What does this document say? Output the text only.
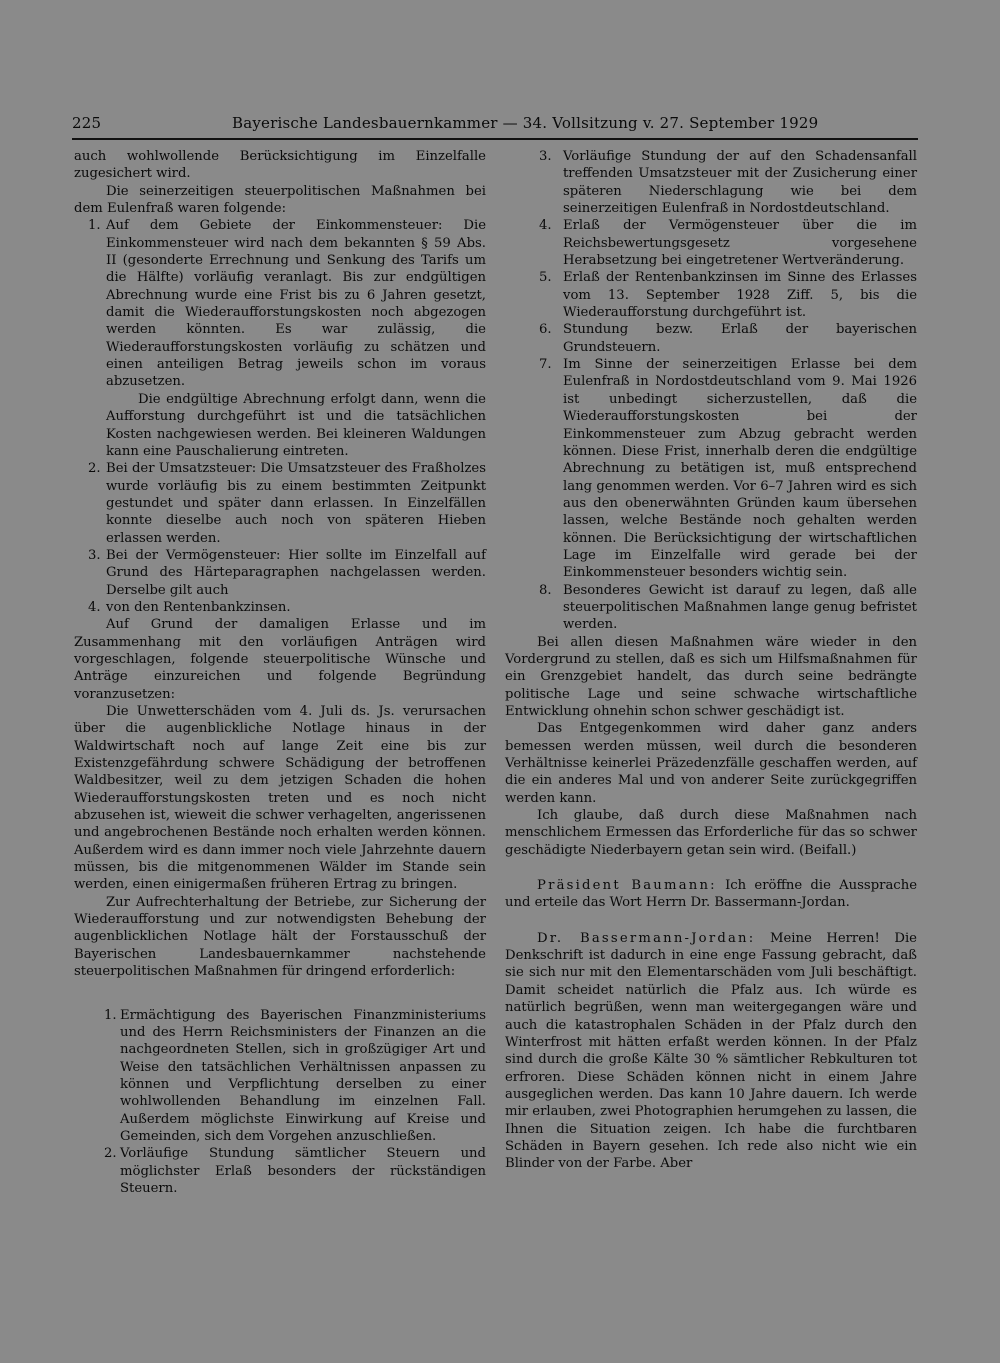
225	Bayerische Landesbauernkammer — 34. Vollsitzung v. 27. September 1929

auch wohlwollende Berücksichtigung im Einzelfalle zugesichert wird.

Die seinerzeitigen steuerpolitischen Maßnahmen bei dem Eulenfraß waren folgende:

1. Auf dem Gebiete der Einkommensteuer: Die Einkommensteuer wird nach dem bekannten § 59 Abs. II (gesonderte Errechnung und Senkung des Tarifs um die Hälfte) vorläufig veranlagt. Bis zur endgültigen Abrechnung wurde eine Frist bis zu 6 Jahren gesetzt, damit die Wiederaufforstungskosten noch abgezogen werden könnten. Es war zulässig, die Wiederaufforstungskosten vorläufig zu schätzen und einen anteiligen Betrag jeweils schon im voraus abzusetzen.

Die endgültige Abrechnung erfolgt dann, wenn die Aufforstung durchgeführt ist und die tatsächlichen Kosten nachgewiesen werden. Bei kleineren Waldungen kann eine Pauschalierung eintreten.

2. Bei der Umsatzsteuer: Die Umsatzsteuer des Fraßholzes wurde vorläufig bis zu einem bestimmten Zeitpunkt gestundet und später dann erlassen. In Einzelfällen konnte dieselbe auch noch von späteren Hieben erlassen werden.

3. Bei der Vermögensteuer: Hier sollte im Einzelfall auf Grund des Härteparagraphen nachgelassen werden. Derselbe gilt auch

4. von den Rentenbankzinsen.

Auf Grund der damaligen Erlasse und im Zusammenhang mit den vorläufigen Anträgen wird vorgeschlagen, folgende steuerpolitische Wünsche und Anträge einzureichen und folgende Begründung voranzusetzen:

Die Unwetterschäden vom 4. Juli ds. Js. verursachen über die augenblickliche Notlage hinaus in der Waldwirtschaft noch auf lange Zeit eine bis zur Existenzgefährdung schwere Schädigung der betroffenen Waldbesitzer, weil zu dem jetzigen Schaden die hohen Wiederaufforstungskosten treten und es noch nicht abzusehen ist, wieweit die schwer verhagelten, angerissenen und angebrochenen Bestände noch erhalten werden können. Außerdem wird es dann immer noch viele Jahrzehnte dauern müssen, bis die mitgenommenen Wälder im Stande sein werden, einen einigermaßen früheren Ertrag zu bringen.

Zur Aufrechterhaltung der Betriebe, zur Sicherung der Wiederaufforstung und zur notwendigsten Behebung der augenblicklichen Notlage hält der Forstausschuß der Bayerischen Landesbauernkammer nachstehende steuerpolitischen Maßnahmen für dringend erforderlich:

1. Ermächtigung des Bayerischen Finanzministeriums und des Herrn Reichsministers der Finanzen an die nachgeordneten Stellen, sich in großzügiger Art und Weise den tatsächlichen Verhältnissen anpassen zu können und Verpflichtung derselben zu einer wohlwollenden Behandlung im einzelnen Fall. Außerdem möglichste Einwirkung auf Kreise und Gemeinden, sich dem Vorgehen anzuschließen.

2. Vorläufige Stundung sämtlicher Steuern und möglichster Erlaß besonders der rückständigen Steuern.

3. Vorläufige Stundung der auf den Schadensanfall treffenden Umsatzsteuer mit der Zusicherung einer späteren Niederschlagung wie bei dem seinerzeitigen Eulenfraß in Nordostdeutschland.

4. Erlaß der Vermögensteuer über die im Reichsbewertungsgesetz vorgesehene Herabsetzung bei eingetretener Wertveränderung.

5. Erlaß der Rentenbankzinsen im Sinne des Erlasses vom 13. September 1928 Ziff. 5, bis die Wiederaufforstung durchgeführt ist.

6. Stundung bezw. Erlaß der bayerischen Grundsteuern.

7. Im Sinne der seinerzeitigen Erlasse bei dem Eulenfraß in Nordostdeutschland vom 9. Mai 1926 ist unbedingt sicherzustellen, daß die Wiederaufforstungskosten bei der Einkommensteuer zum Abzug gebracht werden können. Diese Frist, innerhalb deren die endgültige Abrechnung zu betätigen ist, muß entsprechend lang genommen werden. Vor 6–7 Jahren wird es sich aus den obenerwähnten Gründen kaum übersehen lassen, welche Bestände noch gehalten werden können. Die Berücksichtigung der wirtschaftlichen Lage im Einzelfalle wird gerade bei der Einkommensteuer besonders wichtig sein.

8. Besonderes Gewicht ist darauf zu legen, daß alle steuerpolitischen Maßnahmen lange genug befristet werden.

Bei allen diesen Maßnahmen wäre wieder in den Vordergrund zu stellen, daß es sich um Hilfsmaßnahmen für ein Grenzgebiet handelt, das durch seine bedrängte politische Lage und seine schwache wirtschaftliche Entwicklung ohnehin schon schwer geschädigt ist.

Das Entgegenkommen wird daher ganz anders bemessen werden müssen, weil durch die besonderen Verhältnisse keinerlei Präzedenzfälle geschaffen werden, auf die ein anderes Mal und von anderer Seite zurückgegriffen werden kann.

Ich glaube, daß durch diese Maßnahmen nach menschlichem Ermessen das Erforderliche für das so schwer geschädigte Niederbayern getan sein wird. (Beifall.)

Präsident Baumann: Ich eröffne die Aussprache und erteile das Wort Herrn Dr. Bassermann-Jordan.

Dr. Bassermann-Jordan: Meine Herren! Die Denkschrift ist dadurch in eine enge Fassung gebracht, daß sie sich nur mit den Elementarschäden vom Juli beschäftigt. Damit scheidet natürlich die Pfalz aus. Ich würde es natürlich begrüßen, wenn man weitergegangen wäre und auch die katastrophalen Schäden in der Pfalz durch den Winterfrost mit hätten erfaßt werden können. In der Pfalz sind durch die große Kälte 30 % sämtlicher Rebkulturen tot erfroren. Diese Schäden können nicht in einem Jahre ausgeglichen werden. Das kann 10 Jahre dauern. Ich werde mir erlauben, zwei Photographien herumgehen zu lassen, die Ihnen die Situation zeigen. Ich habe die furchtbaren Schäden in Bayern gesehen. Ich rede also nicht wie ein Blinder von der Farbe. Aber
